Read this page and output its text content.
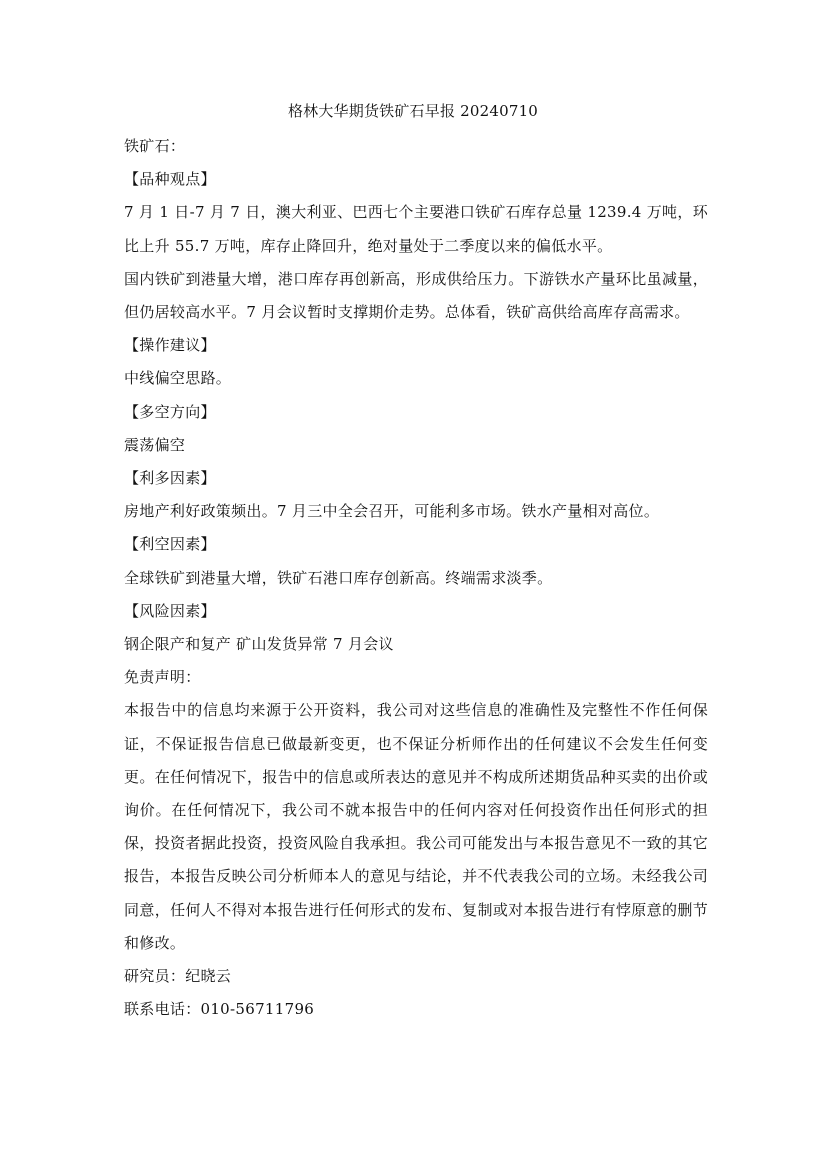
格林大华期货铁矿石早报 20240710

铁矿石：

【品种观点】

7 月 1 日-7 月 7 日，澳大利亚、巴西七个主要港口铁矿石库存总量 1239.4 万吨，环比上升 55.7 万吨，库存止降回升，绝对量处于二季度以来的偏低水平。

国内铁矿到港量大增，港口库存再创新高，形成供给压力。下游铁水产量环比虽减量，但仍居较高水平。7 月会议暂时支撑期价走势。总体看，铁矿高供给高库存高需求。

【操作建议】

中线偏空思路。

【多空方向】

震荡偏空

【利多因素】

房地产利好政策频出。7 月三中全会召开，可能利多市场。铁水产量相对高位。

【利空因素】

全球铁矿到港量大增，铁矿石港口库存创新高。终端需求淡季。

【风险因素】

钢企限产和复产 矿山发货异常 7 月会议

免责声明：

本报告中的信息均来源于公开资料，我公司对这些信息的准确性及完整性不作任何保证，不保证报告信息已做最新变更，也不保证分析师作出的任何建议不会发生任何变更。在任何情况下，报告中的信息或所表达的意见并不构成所述期货品种买卖的出价或询价。在任何情况下，我公司不就本报告中的任何内容对任何投资作出任何形式的担保，投资者据此投资，投资风险自我承担。我公司可能发出与本报告意见不一致的其它报告，本报告反映公司分析师本人的意见与结论，并不代表我公司的立场。未经我公司同意，任何人不得对本报告进行任何形式的发布、复制或对本报告进行有悖原意的删节和修改。

研究员：纪晓云

联系电话：010-56711796
